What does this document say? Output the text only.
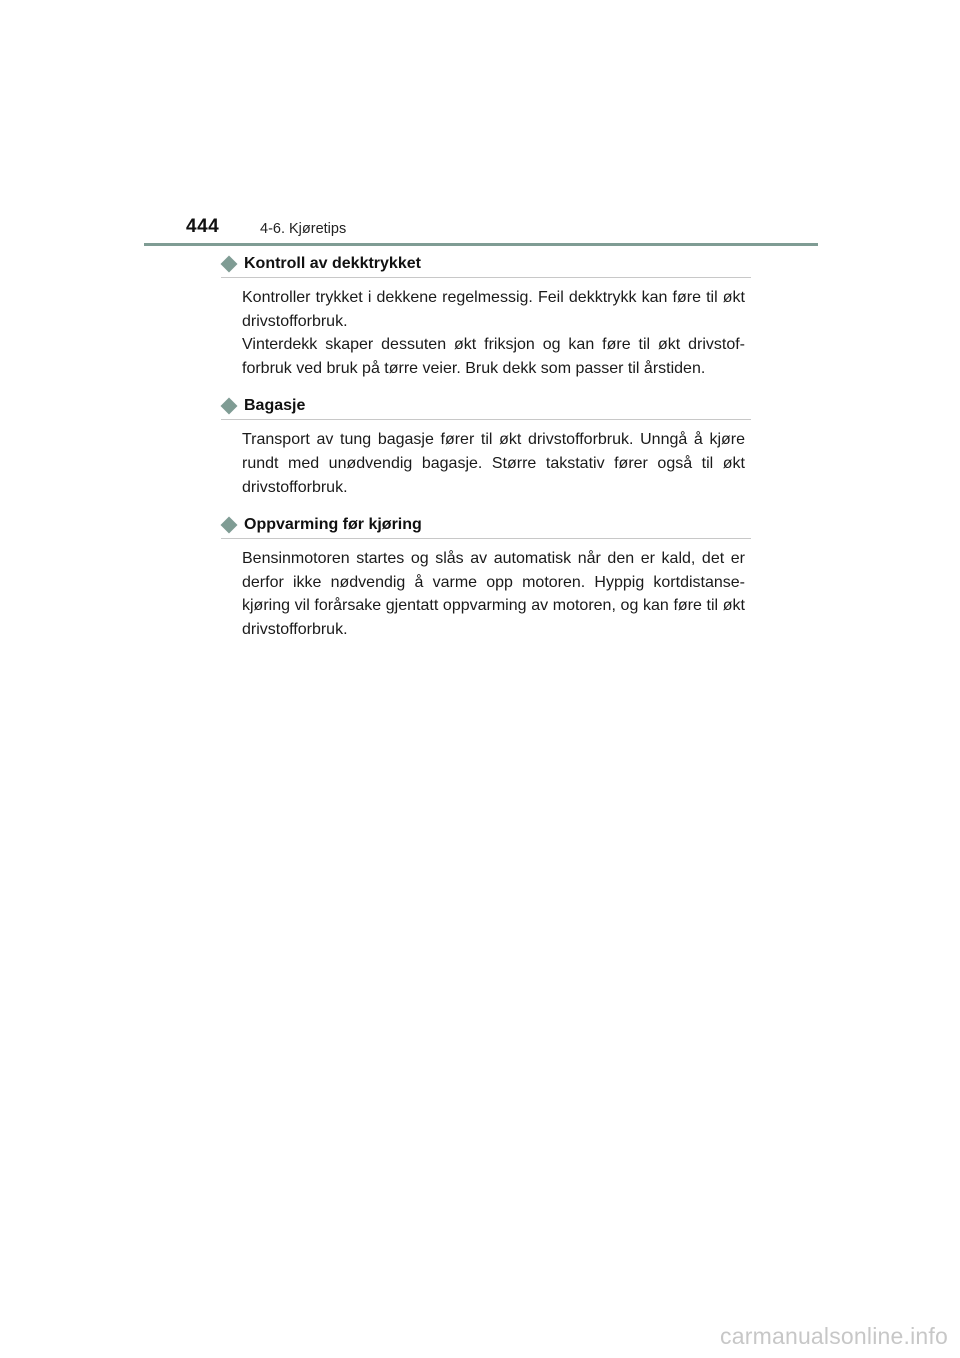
444	4-6. Kjøretips
Kontroll av dekktrykket

Kontroller trykket i dekkene regelmessig. Feil dekktrykk kan føre til økt drivstofforbruk.

Vinterdekk skaper dessuten økt friksjon og kan føre til økt drivstof-forbruk ved bruk på tørre veier. Bruk dekk som passer til årstiden.

Bagasje

Transport av tung bagasje fører til økt drivstofforbruk. Unngå å kjøre rundt med unødvendig bagasje. Større takstativ fører også til økt drivstofforbruk.

Oppvarming før kjøring

Bensinmotoren startes og slås av automatisk når den er kald, det er derfor ikke nødvendig å varme opp motoren. Hyppig kortdistanse-kjøring vil forårsake gjentatt oppvarming av motoren, og kan føre til økt drivstofforbruk.

carmanualsonline.info
